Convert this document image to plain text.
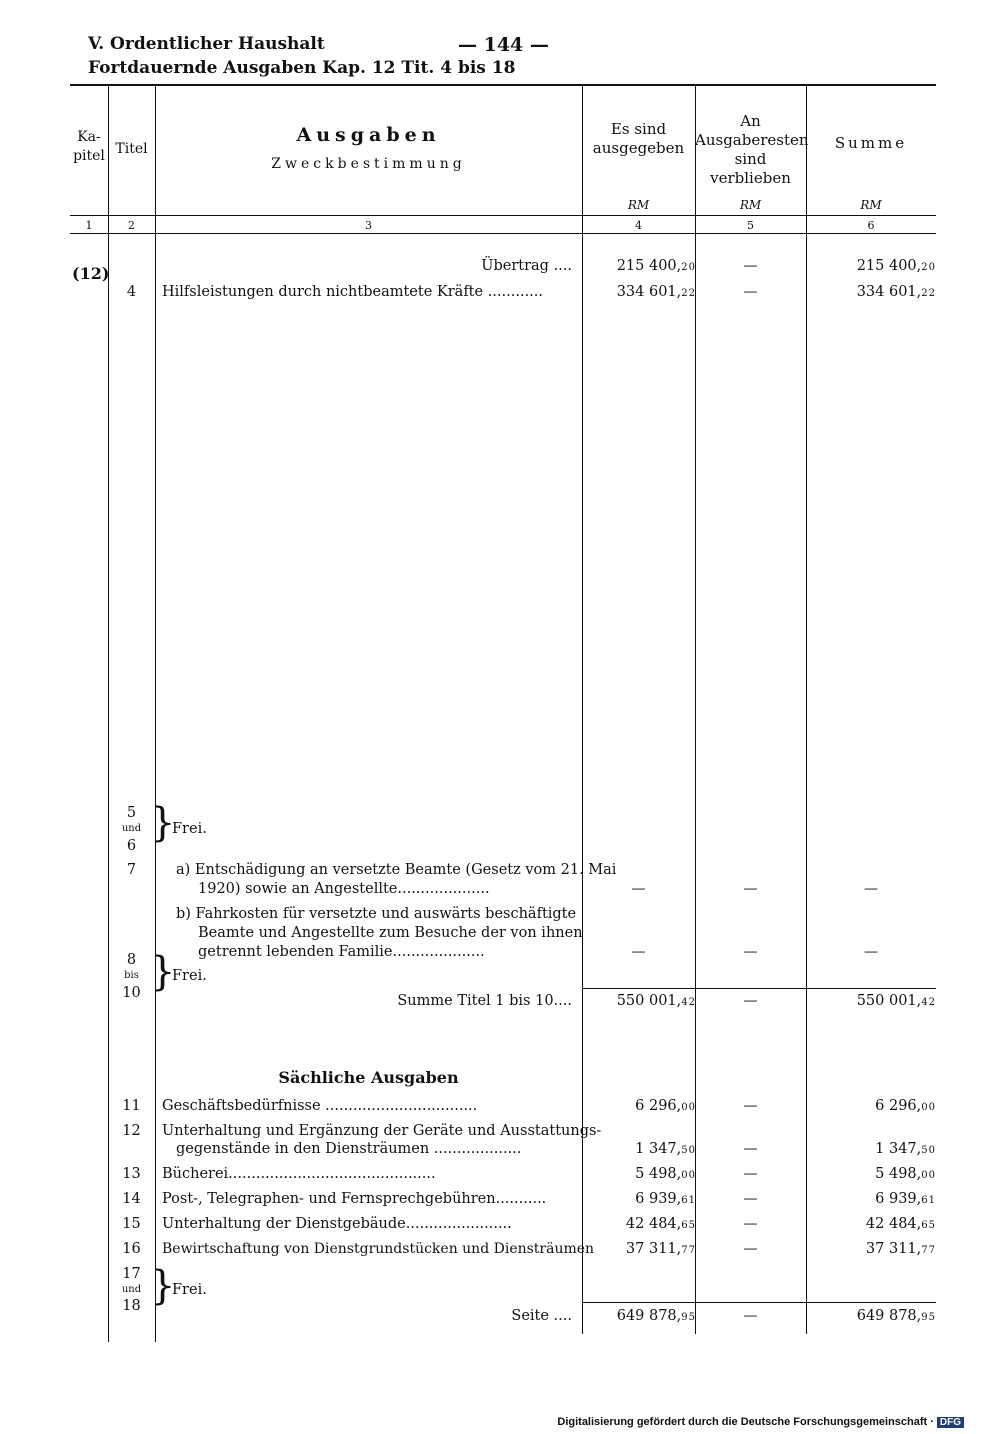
V. Ordentlicher Haushalt	— 144 —
Fortdauernde Ausgaben Kap. 12 Tit. 4 bis 18
Ka-
pitel Titel
Ausgaben
Zweckbestimmung
Es sind
ausgegeben
An
Ausgaberesten
sind verblieben
Summe
RM	RM	RM
1	2	3	4	5	6
(12)	Übertrag ....	215 400,20	—	215 400,20
4	Hilfsleistungen durch nichtbeamtete Kräfte ............	334 601,22	—	334 601,22
5
und
6 }
Frei.
7	a) Entschädigung an versetzte Beamte (Gesetz vom 21. Mai
1920) sowie an Angestellte....................	—	—	—
b) Fahrkosten für versetzte und auswärts beschäftigte
Beamte und Angestellte zum Besuche der von ihnen
getrennt lebenden Familie....................	—	—	—
8
bis
10 }
Frei.
Summe Titel 1 bis 10....	550 001,42	—	550 001,42
Sächliche Ausgaben
11	Geschäftsbedürfnisse .................................	6 296,00	—	6 296,00
12	Unterhaltung und Ergänzung der Geräte und Ausstattungs-
gegenstände in den Diensträumen ...................	1 347,50	—	1 347,50
13	Bücherei.............................................	5 498,00	—	5 498,00
14	Post-, Telegraphen- und Fernsprechgebühren...........	6 939,61	—	6 939,61
15	Unterhaltung der Dienstgebäude.......................	42 484,65	—	42 484,65
16	Bewirtschaftung von Dienstgrundstücken und Diensträumen 37 311,77	—	37 311,77
17
und
18 }
Frei.
Seite ....	649 878,95	—	649 878,95
Digitalisierung gefördert durch die Deutsche Forschungsgemeinschaft · DFG
